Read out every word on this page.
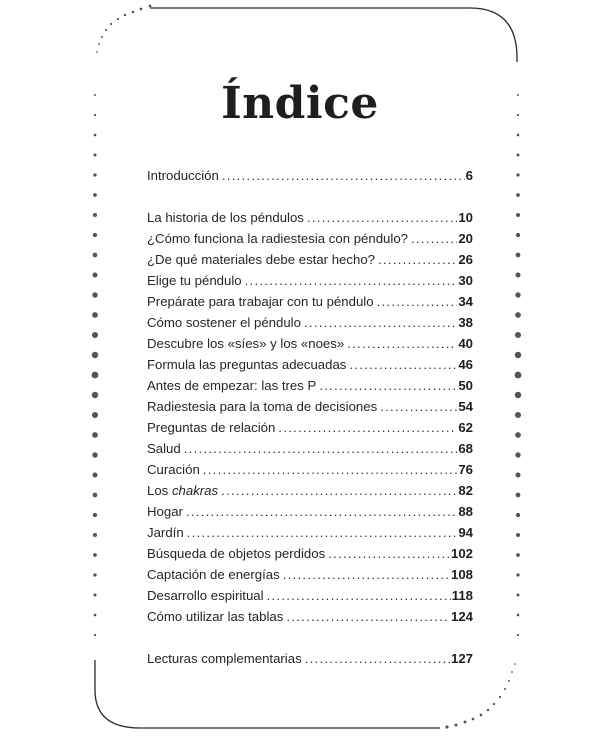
Índice
Introducción . . .	6
La historia de los péndulos . . .	10
¿Cómo funciona la radiestesia con péndulo? . . .	20
¿De qué materiales debe estar hecho? . . .	26
Elige tu péndulo . . .	30
Prepárate para trabajar con tu péndulo . . .	34
Cómo sostener el péndulo . . .	38
Descubre los «síes» y los «noes» . . .	40
Formula las preguntas adecuadas . . .	46
Antes de empezar: las tres P . . .	50
Radiestesia para la toma de decisiones . . .	54
Preguntas de relación . . .	62
Salud . . .	68
Curación . . .	76
Los chakras . . .	82
Hogar . . .	88
Jardín . . .	94
Búsqueda de objetos perdidos . . .	102
Captación de energías . . .	108
Desarrollo espiritual . . .	118
Cómo utilizar las tablas . . .	124
Lecturas complementarias . . .	127
